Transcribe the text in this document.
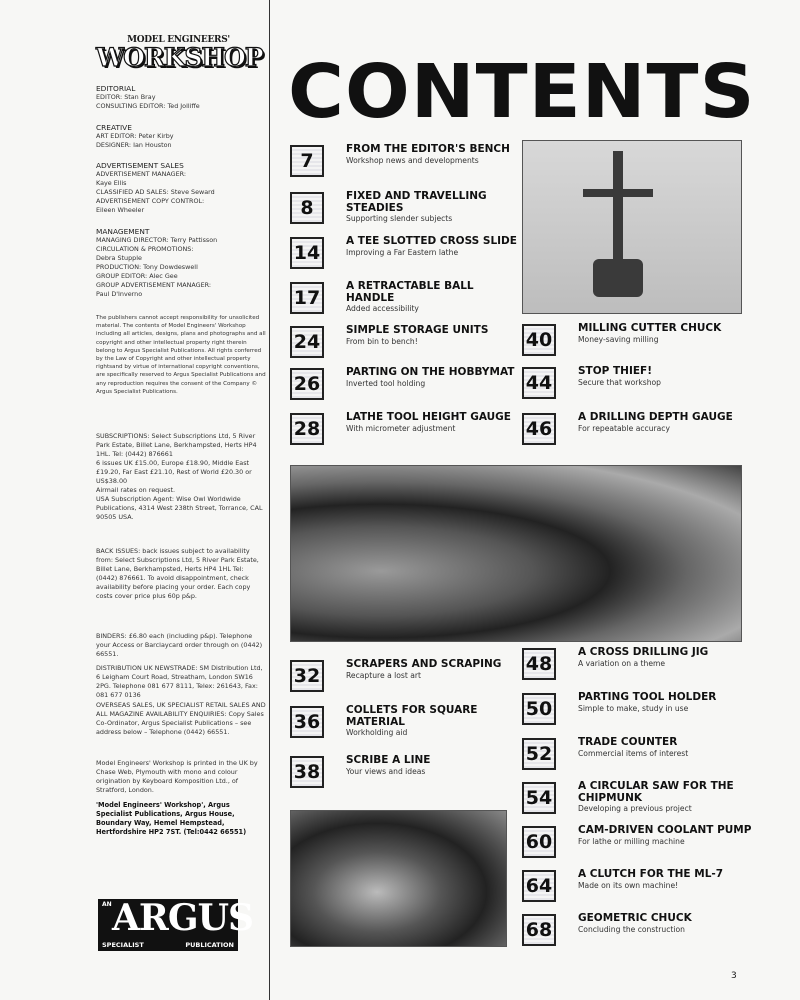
MODEL ENGINEERS'
WORKSHOP

EDITORIAL

EDITOR: Stan Bray

CONSULTING EDITOR: Ted Jolliffe

CREATIVE

ART EDITOR: Peter Kirby

DESIGNER: Ian Houston

ADVERTISEMENT SALES

ADVERTISEMENT MANAGER:

Kaye Ellis

CLASSIFIED AD SALES: Steve Seward

ADVERTISEMENT COPY CONTROL:

Eileen Wheeler

MANAGEMENT

MANAGING DIRECTOR: Terry Pattisson

CIRCULATION & PROMOTIONS:

Debra Stupple

PRODUCTION: Tony Dowdeswell

GROUP EDITOR: Alec Gee

GROUP ADVERTISEMENT MANAGER:

Paul D'Inverno

The publishers cannot accept responsibility for unsolicited material. The contents of Model Engineers' Workshop including all articles, designs, plans and photographs and all copyright and other intellectual property right therein belong to Argus Specialist Publications. All rights conferred by the Law of Copyright and other intellectual property rightsand by virtue of international copyright conventions, are specifically reserved to Argus Specialist Publications and any reproduction requires the consent of the Company © Argus Specialist Publications.

SUBSCRIPTIONS: Select Subscriptions Ltd, 5 River Park Estate, Billet Lane, Berkhampsted, Herts HP4 1HL. Tel: (0442) 876661

6 issues UK £15.00, Europe £18.90, Middle East £19.20, Far East £21.10, Rest of World £20.30 or US$38.00

Airmail rates on request.

USA Subscription Agent: Wise Owl Worldwide Publications, 4314 West 238th Street, Torrance, CAL 90505 USA.

BACK ISSUES: back issues subject to availability from: Select Subscriptions Ltd, 5 River Park Estate, Billet Lane, Berkhampsted, Herts HP4 1HL Tel: (0442) 876661. To avoid disappointment, check availability before placing your order. Each copy costs cover price plus 60p p&p.
BINDERS: £6.80 each (including p&p). Telephone your Access or Barclaycard order through on (0442) 66551.
DISTRIBUTION UK NEWSTRADE: SM Distribution Ltd, 6 Leigham Court Road, Streatham, London SW16 2PG. Telephone 081 677 8111, Telex: 261643, Fax: 081 677 0136
OVERSEAS SALES, UK SPECIALIST RETAIL SALES AND ALL MAGAZINE AVAILABILITY ENQUIRIES: Copy Sales Co-Ordinator, Argus Specialist Publications – see address below – Telephone (0442) 66551.
Model Engineers' Workshop is printed in the UK by Chase Web, Plymouth with mono and colour origination by Keyboard Komposition Ltd., of Stratford, London.
'Model Engineers' Workshop', Argus Specialist Publications, Argus House, Boundary Way, Hemel Hempstead, Hertfordshire HP2 7ST. (Tel:0442 66551)
AN ARGUS
SPECIALIST	PUBLICATION
CONTENTS
7
FROM THE EDITOR'S BENCH
Workshop news and developments
8
FIXED AND TRAVELLING STEADIES
Supporting slender subjects
14
A TEE SLOTTED CROSS SLIDE
Improving a Far Eastern lathe
17
A RETRACTABLE BALL HANDLE
Added accessibility
24
SIMPLE STORAGE UNITS
From bin to bench!
26
PARTING ON THE HOBBYMAT
Inverted tool holding
28
LATHE TOOL HEIGHT GAUGE
With micrometer adjustment
40
MILLING CUTTER CHUCK
Money-saving milling
44
STOP THIEF!
Secure that workshop
46
A DRILLING DEPTH GAUGE
For repeatable accuracy
32
SCRAPERS AND SCRAPING
Recapture a lost art
36
COLLETS FOR SQUARE MATERIAL
Workholding aid
38
SCRIBE A LINE
Your views and ideas
48
A CROSS DRILLING JIG
A variation on a theme
50
PARTING TOOL HOLDER
Simple to make, study in use
52
TRADE COUNTER
Commercial items of interest
54
A CIRCULAR SAW FOR THE CHIPMUNK
Developing a previous project
60
CAM-DRIVEN COOLANT PUMP
For lathe or milling machine
64
A CLUTCH FOR THE ML-7
Made on its own machine!
68
GEOMETRIC CHUCK
Concluding the construction
3
